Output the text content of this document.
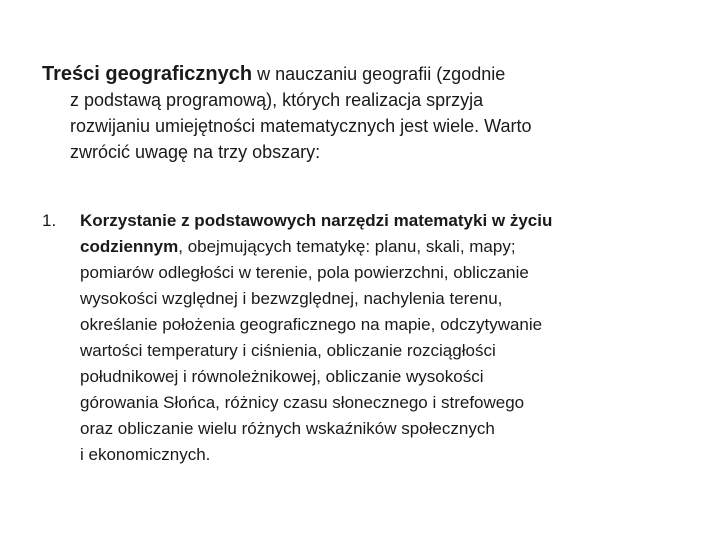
Treści geograficznych w nauczaniu geografii (zgodnie
z podstawą programową), których realizacja sprzyja
rozwijaniu umiejętności matematycznych jest wiele. Warto
zwrócić uwagę na trzy obszary:
1. Korzystanie z podstawowych narzędzi matematyki w życiu
codziennym, obejmujących tematykę: planu, skali, mapy;
pomiarów odległości w terenie, pola powierzchni, obliczanie
wysokości względnej i bezwzględnej, nachylenia terenu,
określanie położenia geograficznego na mapie, odczytywanie
wartości temperatury i ciśnienia, obliczanie rozciągłości
południkowej i równoleżnikowej, obliczanie wysokości
górowania Słońca, różnicy czasu słonecznego i strefowego
oraz obliczanie wielu różnych wskaźników społecznych
i ekonomicznych.
